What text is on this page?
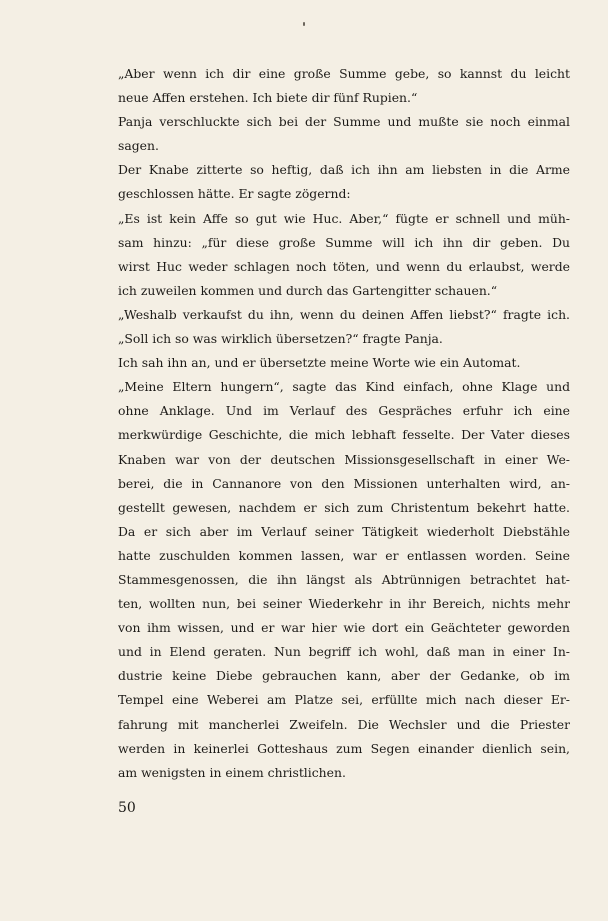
„Aber wenn ich dir eine große Summe gebe, so kannst du leicht
neue Affen erstehen. Ich biete dir fünf Rupien.“
Panja verschluckte sich bei der Summe und mußte sie noch einmal
sagen.
Der Knabe zitterte so heftig, daß ich ihn am liebsten in die Arme
geschlossen hätte. Er sagte zögernd:
„Es ist kein Affe so gut wie Huc. Aber,“ fügte er schnell und müh-
sam hinzu: „für diese große Summe will ich ihn dir geben. Du
wirst Huc weder schlagen noch töten, und wenn du erlaubst, werde
ich zuweilen kommen und durch das Gartengitter schauen.“
„Weshalb verkaufst du ihn, wenn du deinen Affen liebst?“ fragte ich.
„Soll ich so was wirklich übersetzen?“ fragte Panja.
Ich sah ihn an, und er übersetzte meine Worte wie ein Automat.
„Meine Eltern hungern“, sagte das Kind einfach, ohne Klage und
ohne Anklage. Und im Verlauf des Gespräches erfuhr ich eine
merkwürdige Geschichte, die mich lebhaft fesselte. Der Vater dieses
Knaben war von der deutschen Missionsgesellschaft in einer We-
berei, die in Cannanore von den Missionen unterhalten wird, an-
gestellt gewesen, nachdem er sich zum Christentum bekehrt hatte.
Da er sich aber im Verlauf seiner Tätigkeit wiederholt Diebstähle
hatte zuschulden kommen lassen, war er entlassen worden. Seine
Stammesgenossen, die ihn längst als Abtrünnigen betrachtet hat-
ten, wollten nun, bei seiner Wiederkehr in ihr Bereich, nichts mehr
von ihm wissen, und er war hier wie dort ein Geächteter geworden
und in Elend geraten. Nun begriff ich wohl, daß man in einer In-
dustrie keine Diebe gebrauchen kann, aber der Gedanke, ob im
Tempel eine Weberei am Platze sei, erfüllte mich nach dieser Er-
fahrung mit mancherlei Zweifeln. Die Wechsler und die Priester
werden in keinerlei Gotteshaus zum Segen einander dienlich sein,
am wenigsten in einem christlichen.
50
